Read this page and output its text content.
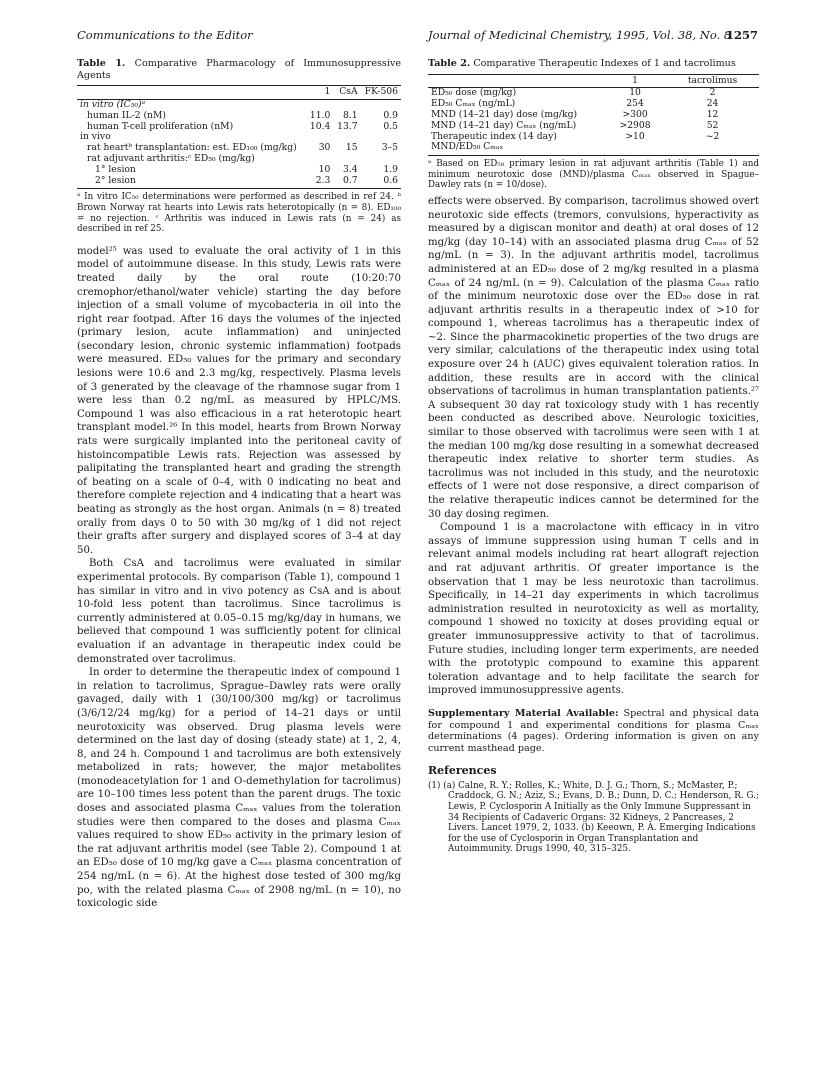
Communications to the Editor	Journal of Medicinal Chemistry, 1995, Vol. 38, No. 8
1257
Table 1. Comparative Pharmacology of Immunosuppressive Agents
	1	CsA	FK-506
in vitro (IC₅₀)ᵃ			
human IL-2 (nM)	11.0	8.1	0.9
human T-cell proliferation (nM)	10.4	13.7	0.5
in vivo			
rat heartᵇ transplantation: est. ED₁₀₀ (mg/kg)	30	15	3–5
rat adjuvant arthritis:ᶜ ED₅₀ (mg/kg)			
1° lesion	10	3.4	1.9
2° lesion	2.3	0.7	0.6
ᵃ In vitro IC₅₀ determinations were performed as described in ref 24. ᵇ Brown Norway rat hearts into Lewis rats heterotopically (n = 8). ED₁₀₀ = no rejection. ᶜ Arthritis was induced in Lewis rats (n = 24) as described in ref 25.

model²⁵ was used to evaluate the oral activity of 1 in this model of autoimmune disease. In this study, Lewis rats were treated daily by the oral route (10:20:70 cremophor/ethanol/water vehicle) starting the day before injection of a small volume of mycobacteria in oil into the right rear footpad. After 16 days the volumes of the injected (primary lesion, acute inflammation) and uninjected (secondary lesion, chronic systemic inflammation) footpads were measured. ED₅₀ values for the primary and secondary lesions were 10.6 and 2.3 mg/kg, respectively. Plasma levels of 3 generated by the cleavage of the rhamnose sugar from 1 were less than 0.2 ng/mL as measured by HPLC/MS. Compound 1 was also efficacious in a rat heterotopic heart transplant model.²⁶ In this model, hearts from Brown Norway rats were surgically implanted into the peritoneal cavity of histoincompatible Lewis rats. Rejection was assessed by palipitating the transplanted heart and grading the strength of beating on a scale of 0–4, with 0 indicating no beat and therefore complete rejection and 4 indicating that a heart was beating as strongly as the host organ. Animals (n = 8) treated orally from days 0 to 50 with 30 mg/kg of 1 did not reject their grafts after surgery and displayed scores of 3–4 at day 50.

Both CsA and tacrolimus were evaluated in similar experimental protocols. By comparison (Table 1), compound 1 has similar in vitro and in vivo potency as CsA and is about 10-fold less potent than tacrolimus. Since tacrolimus is currently administered at 0.05–0.15 mg/kg/day in humans, we believed that compound 1 was sufficiently potent for clinical evaluation if an advantage in therapeutic index could be demonstrated over tacrolimus.

In order to determine the therapeutic index of compound 1 in relation to tacrolimus, Sprague–Dawley rats were orally gavaged, daily with 1 (30/100/300 mg/kg) or tacrolimus (3/6/12/24 mg/kg) for a period of 14–21 days or until neurotoxicity was observed. Drug plasma levels were determined on the last day of dosing (steady state) at 1, 2, 4, 8, and 24 h. Compound 1 and tacrolimus are both extensively metabolized in rats; however, the major metabolites (monodeacetylation for 1 and O-demethylation for tacrolimus) are 10–100 times less potent than the parent drugs. The toxic doses and associated plasma Cₘₐₓ values from the toleration studies were then compared to the doses and plasma Cₘₐₓ values required to show ED₅₀ activity in the primary lesion of the rat adjuvant arthritis model (see Table 2). Compound 1 at an ED₅₀ dose of 10 mg/kg gave a Cₘₐₓ plasma concentration of 254 ng/mL (n = 6). At the highest dose tested of 300 mg/kg po, with the related plasma Cₘₐₓ of 2908 ng/mL (n = 10), no toxicologic side

Table 2. Comparative Therapeutic Indexes of 1 and tacrolimus
	1	tacrolimus
ED₅₀ dose (mg/kg)	10	2
ED₅₀ Cₘₐₓ (ng/mL)	254	24
MND (14–21 day) dose (mg/kg)	>300	12
MND (14–21 day) Cₘₐₓ (ng/mL)	>2908	52
Therapeutic index (14 day) MND/ED₅₀ Cₘₐₓ	>10	~2
ᵃ Based on ED₅₀ primary lesion in rat adjuvant arthritis (Table 1) and minimum neurotoxic dose (MND)/plasma Cₘₐₓ observed in Spague–Dawley rats (n = 10/dose).

effects were observed. By comparison, tacrolimus showed overt neurotoxic side effects (tremors, convulsions, hyperactivity as measured by a digiscan monitor and death) at oral doses of 12 mg/kg (day 10–14) with an associated plasma drug Cₘₐₓ of 52 ng/mL (n = 3). In the adjuvant arthritis model, tacrolimus administered at an ED₅₀ dose of 2 mg/kg resulted in a plasma Cₘₐₓ of 24 ng/mL (n = 9). Calculation of the plasma Cₘₐₓ ratio of the minimum neurotoxic dose over the ED₅₀ dose in rat adjuvant arthritis results in a therapeutic index of >10 for compound 1, whereas tacrolimus has a therapeutic index of ~2. Since the pharmacokinetic properties of the two drugs are very similar, calculations of the therapeutic index using total exposure over 24 h (AUC) gives equivalent toleration ratios. In addition, these results are in accord with the clinical observations of tacrolimus in human transplantation patients.²⁷ A subsequent 30 day rat toxicology study with 1 has recently been conducted as described above. Neurologic toxicities, similar to those observed with tacrolimus were seen with 1 at the median 100 mg/kg dose resulting in a somewhat decreased therapeutic index relative to shorter term studies. As tacrolimus was not included in this study, and the neurotoxic effects of 1 were not dose responsive, a direct comparison of the relative therapeutic indices cannot be determined for the 30 day dosing regimen.

Compound 1 is a macrolactone with efficacy in in vitro assays of immune suppression using human T cells and in relevant animal models including rat heart allograft rejection and rat adjuvant arthritis. Of greater importance is the observation that 1 may be less neurotoxic than tacrolimus. Specifically, in 14–21 day experiments in which tacrolimus administration resulted in neurotoxicity as well as mortality, compound 1 showed no toxicity at doses providing equal or greater immunosuppressive activity to that of tacrolimus. Future studies, including longer term experiments, are needed with the prototypic compound to examine this apparent toleration advantage and to help facilitate the search for improved immunosuppressive agents.

Supplementary Material Available: Spectral and physical data for compound 1 and experimental conditions for plasma Cₘₐₓ determinations (4 pages). Ordering information is given on any current masthead page.
References
(1) (a) Calne, R. Y.; Rolles, K.; White, D. J. G.; Thorn, S.; McMaster, P.; Craddock, G. N.; Aziz, S.; Evans, D. B.; Dunn, D. C.; Henderson, R. G.; Lewis, P. Cyclosporin A Initially as the Only Immune Suppressant in 34 Recipients of Cadaveric Organs: 32 Kidneys, 2 Pancreases, 2 Livers. Lancet 1979, 2, 1033. (b) Keeown, P. A. Emerging Indications for the use of Cyclosporin in Organ Transplantation and Autoimmunity. Drugs 1990, 40, 315–325.
